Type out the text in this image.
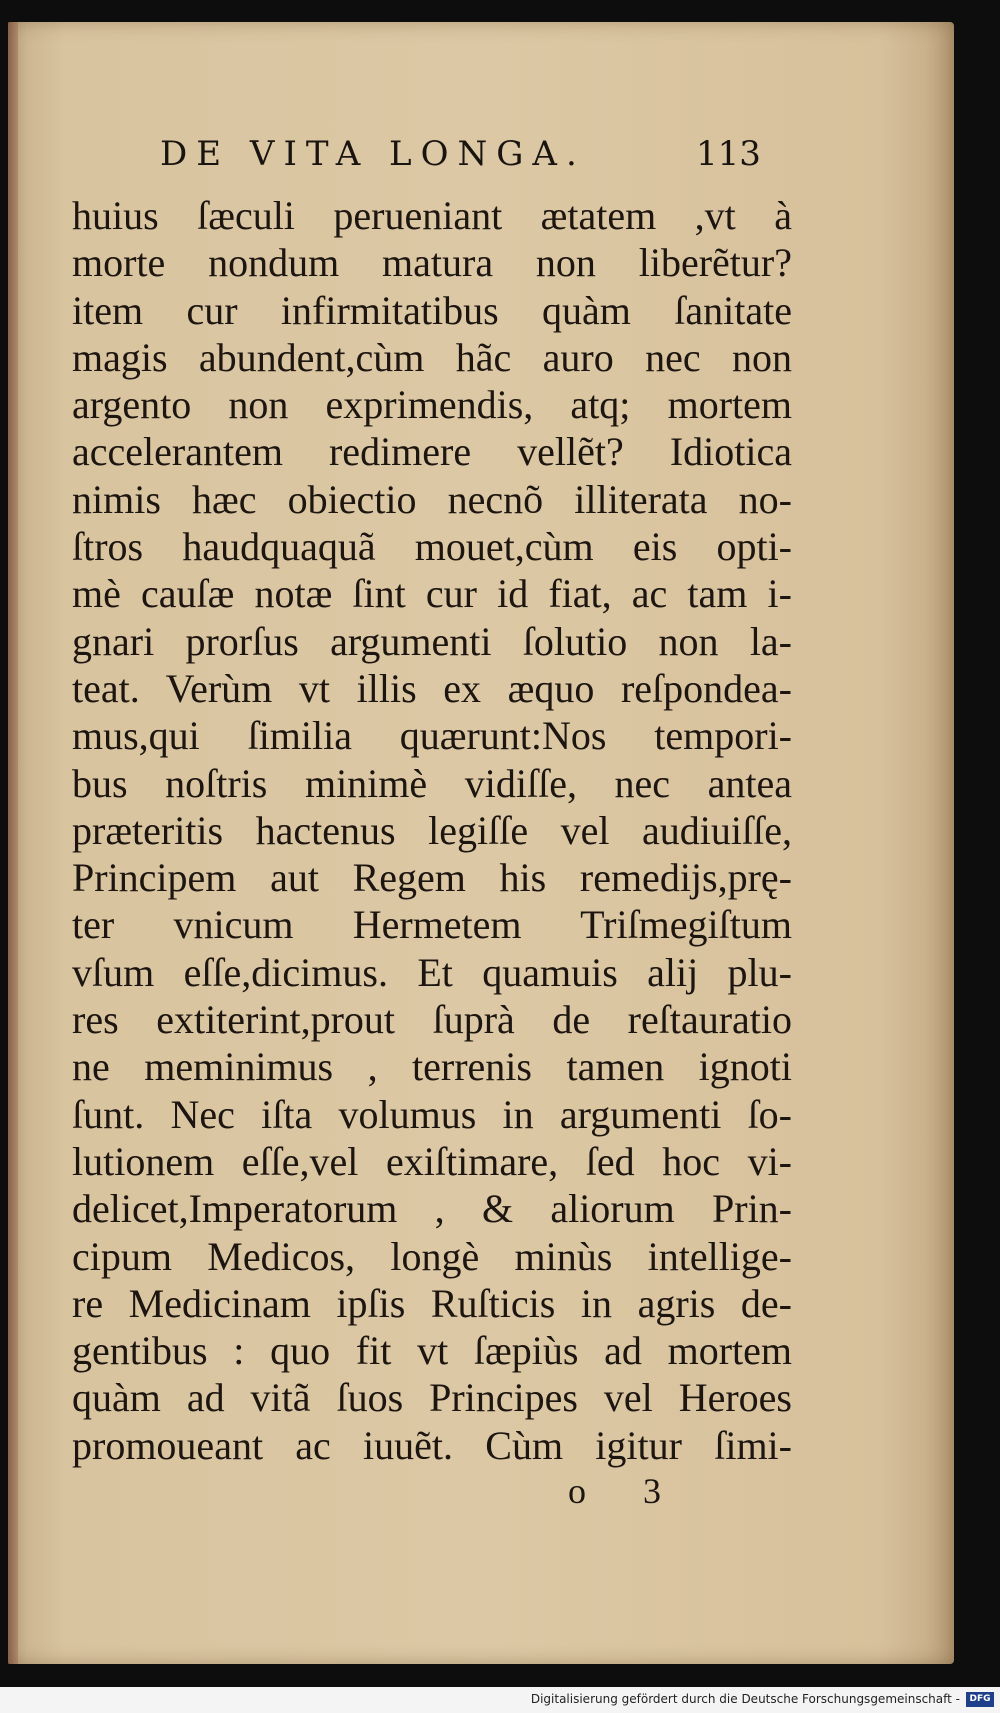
DE VITA LONGA.	113
huius ſæculi perueniant ætatem ,vt à
morte nondum matura non liberẽtur?
item cur infirmitatibus quàm ſanitate
magis abundent,cùm hãc auro nec non
argento non exprimendis, atq; mortem
accelerantem redimere vellẽt? Idiotica
nimis hæc obiectio necnõ illiterata no-
ſtros haudquaquã mouet,cùm eis opti-
mè cauſæ notæ ſint cur id fiat, ac tam i-
gnari prorſus argumenti ſolutio non la-
teat. Verùm vt illis ex æquo reſpondea-
mus,qui ſimilia quærunt:Nos tempori-
bus noſtris minimè vidiſſe, nec antea
præteritis hactenus legiſſe vel audiuiſſe,
Principem aut Regem his remedijs,prę-
ter vnicum Hermetem Triſmegiſtum
vſum eſſe,dicimus. Et quamuis alij plu-
res extiterint,prout ſuprà de reſtauratio
ne meminimus , terrenis tamen ignoti
ſunt. Nec iſta volumus in argumenti ſo-
lutionem eſſe,vel exiſtimare, ſed hoc vi-
delicet,Imperatorum , & aliorum Prin-
cipum Medicos, longè minùs intellige-
re Medicinam ipſis Ruſticis in agris de-
gentibus : quo fit vt ſæpiùs ad mortem
quàm ad vitã ſuos Principes vel Heroes
promoueant ac iuuẽt. Cùm igitur ſimi-
o 3
Digitalisierung gefördert durch die Deutsche Forschungsgemeinschaft -	DFG
